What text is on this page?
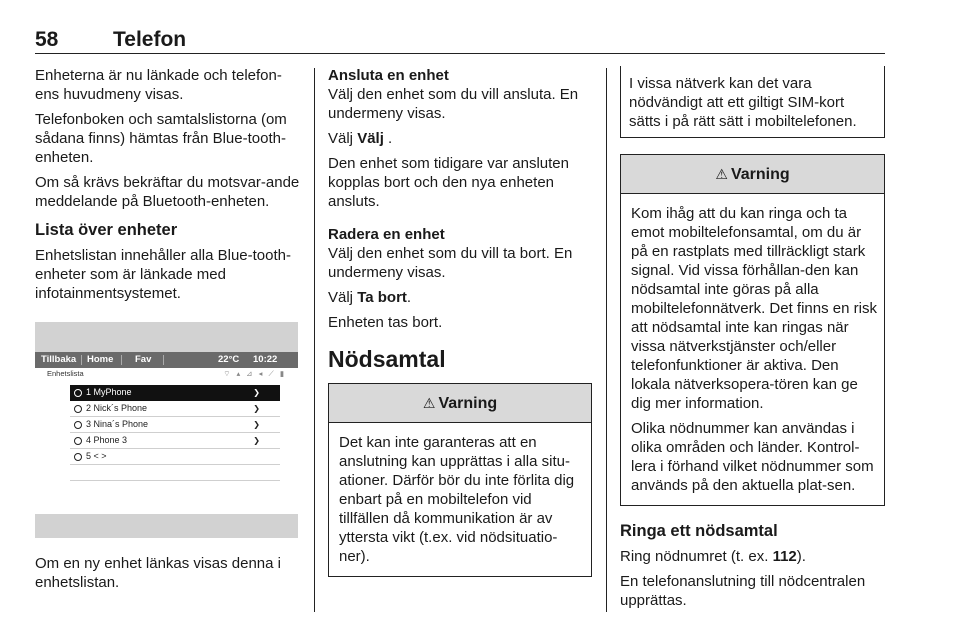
58	Telefon

Enheterna är nu länkade och telefon-ens huvudmeny visas.

Telefonboken och samtalslistorna (om sådana finns) hämtas från Blue-tooth-enheten.

Om så krävs bekräftar du motsvar-ande meddelande på Bluetooth-enheten.

Lista över enheter

Enhetslistan innehåller alla Blue-tooth-enheter som är länkade med infotainmentsystemet.

Tillbaka Home Fav	22°C 10:22
Enhetslista	⌔ ▴ ⊿ ◂ ⟋ ▮
1 MyPhone	❯
2 Nick´s Phone	❯
3 Nina´s Phone	❯
4 Phone 3	❯
5 < >

Om en ny enhet länkas visas denna i enhetslistan.

Ansluta en enhet

Välj den enhet som du vill ansluta. En undermeny visas.

Välj Välj .

Den enhet som tidigare var ansluten kopplas bort och den nya enheten ansluts.

Radera en enhet

Välj den enhet som du vill ta bort. En undermeny visas.

Välj Ta bort.

Enheten tas bort.

Nödsamtal
⚠ Varning

Det kan inte garanteras att en anslutning kan upprättas i alla situ-ationer. Därför bör du inte förlita dig enbart på en mobiltelefon vid tillfällen då kommunikation är av yttersta vikt (t.ex. vid nödsituatio-ner).

I vissa nätverk kan det vara nödvändigt att ett giltigt SIM-kort sätts i på rätt sätt i mobiltelefonen.
⚠ Varning

Kom ihåg att du kan ringa och ta emot mobiltelefonsamtal, om du är på en rastplats med tillräckligt stark signal. Vid vissa förhållan-den kan nödsamtal inte göras på alla mobiltelefonnätverk. Det finns en risk att nödsamtal inte kan ringas när vissa nätverkstjänster och/eller telefonfunktioner är aktiva. Den lokala nätverksopera-tören kan ge dig mer information.

Olika nödnummer kan användas i olika områden och länder. Kontrol-lera i förhand vilket nödnummer som används på den aktuella plat-sen.

Ringa ett nödsamtal

Ring nödnumret (t. ex. 112).

En telefonanslutning till nödcentralen upprättas.
